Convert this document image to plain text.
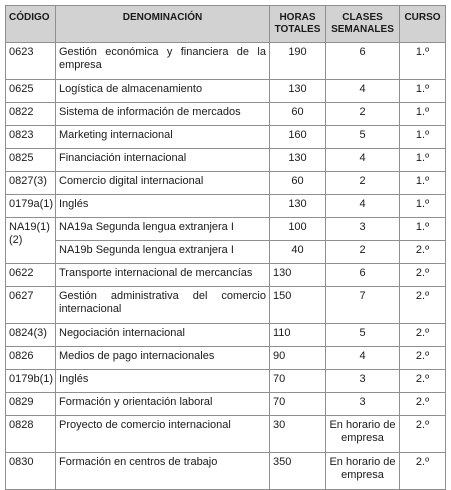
CÓDIGO	DENOMINACIÓN	HORAS TOTALES	CLASES SEMANALES	CURSO
0623	Gestión económica y financiera de la empresa	190	6	1.º
0625	Logística de almacenamiento	130	4	1.º
0822	Sistema de información de mercados	60	2	1.º
0823	Marketing internacional	160	5	1.º
0825	Financiación internacional	130	4	1.º
0827(3)	Comercio digital internacional	60	2	1.º
0179a(1)	Inglés	130	4	1.º
NA19(1)(2)	NA19a Segunda lengua extranjera I	100	3	1.º
	NA19b Segunda lengua extranjera I	40	2	2.º
0622	Transporte internacional de mercancías	130	6	2.º
0627	Gestión administrativa del comercio internacional	150	7	2.º
0824(3)	Negociación internacional	110	5	2.º
0826	Medios de pago internacionales	90	4	2.º
0179b(1)	Inglés	70	3	2.º
0829	Formación y orientación laboral	70	3	2.º
0828	Proyecto de comercio internacional	30	En horario de empresa	2.º
0830	Formación en centros de trabajo	350	En horario de empresa	2.º
